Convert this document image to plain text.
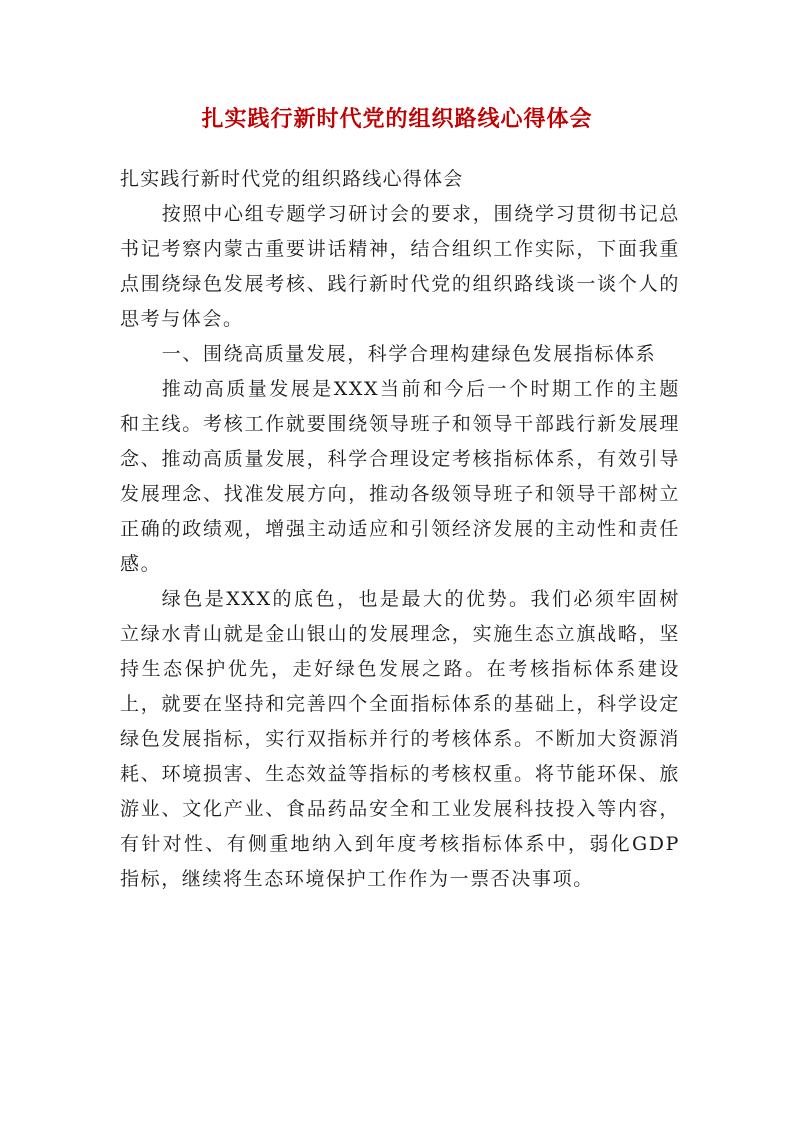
扎实践行新时代党的组织路线心得体会

扎实践行新时代党的组织路线心得体会

按照中心组专题学习研讨会的要求，围绕学习贯彻书记总书记考察内蒙古重要讲话精神，结合组织工作实际，下面我重点围绕绿色发展考核、践行新时代党的组织路线谈一谈个人的思考与体会。

一、围绕高质量发展，科学合理构建绿色发展指标体系

推动高质量发展是XXX当前和今后一个时期工作的主题和主线。考核工作就要围绕领导班子和领导干部践行新发展理念、推动高质量发展，科学合理设定考核指标体系，有效引导发展理念、找准发展方向，推动各级领导班子和领导干部树立正确的政绩观，增强主动适应和引领经济发展的主动性和责任感。

绿色是XXX的底色，也是最大的优势。我们必须牢固树立绿水青山就是金山银山的发展理念，实施生态立旗战略，坚持生态保护优先，走好绿色发展之路。在考核指标体系建设上，就要在坚持和完善四个全面指标体系的基础上，科学设定绿色发展指标，实行双指标并行的考核体系。不断加大资源消耗、环境损害、生态效益等指标的考核权重。将节能环保、旅游业、文化产业、食品药品安全和工业发展科技投入等内容，有针对性、有侧重地纳入到年度考核指标体系中，弱化GDP指标，继续将生态环境保护工作作为一票否决事项。
